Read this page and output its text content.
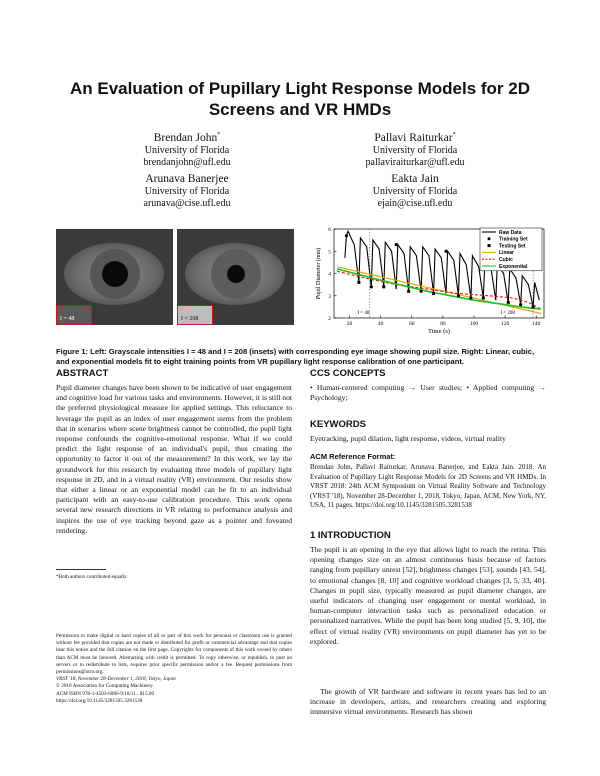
An Evaluation of Pupillary Light Response Models for 2D Screens and VR HMDs
Brendan John*
University of Florida
brendanjohn@ufl.edu
Pallavi Raiturkar*
University of Florida
pallaviraiturkar@ufl.edu
Arunava Banerjee
University of Florida
arunava@cise.ufl.edu
Eakta Jain
University of Florida
ejain@cise.ufl.edu
I = 48	I = 208
20	40	60	80	100	120	140
2
3
4
5
6
Time (s)
Pupil Diameter (mm)
I = 48	I = 208
Raw Data
Training Set
Testing Set
Linear
Cubic
Exponential
Figure 1: Left: Grayscale intensities I = 48 and I = 208 (insets) with corresponding eye image showing pupil size. Right: Linear, cubic, and exponential models fit to eight training points from VR pupillary light response calibration of one participant.
ABSTRACT
Pupil diameter changes have been shown to be indicative of user engagement and cognitive load for various tasks and environments. However, it is still not the preferred physiological measure for applied settings. This reluctance to leverage the pupil as an index of user engagement stems from the problem that in scenarios where scene brightness cannot be controlled, the pupil light response confounds the cognitive-emotional response. What if we could predict the light response of an individual's pupil, thus creating the opportunity to factor it out of the measurement? In this work, we lay the groundwork for this research by evaluating three models of pupillary light response in 2D, and in a virtual reality (VR) environment. Our results show that either a linear or an exponential model can be fit to an individual participant with an easy-to-use calibration procedure. This work opens several new research directions in VR relating to performance analysis and inspires the use of eye tracking beyond gaze as a pointer and foveated rendering.
*Both authors contributed equally.
Permission to make digital or hard copies of all or part of this work for personal or classroom use is granted without fee provided that copies are not made or distributed for profit or commercial advantage and that copies bear this notice and the full citation on the first page. Copyrights for components of this work owned by others than ACM must be honored. Abstracting with credit is permitted. To copy otherwise, or republish, to post on servers or to redistribute to lists, requires prior specific permission and/or a fee. Request permissions from permissions@acm.org.
VRST '18, November 28-December 1, 2018, Tokyo, Japan
© 2018 Association for Computing Machinery.
ACM ISBN 978-1-4503-6086-9/18/11...$15.00
https://doi.org/10.1145/3281505.3281538
CCS CONCEPTS
• Human-centered computing → User studies; • Applied computing → Psychology;
KEYWORDS
Eyetracking, pupil dilation, light response, videos, virtual reality
ACM Reference Format:
Brendan John, Pallavi Raiturkar, Arunava Banerjee, and Eakta Jain. 2018. An Evaluation of Pupillary Light Response Models for 2D Screens and VR HMDs. In VRST 2018: 24th ACM Symposium on Virtual Reality Software and Technology (VRST '18), November 28-December 1, 2018, Tokyo, Japan. ACM, New York, NY, USA, 11 pages. https://doi.org/10.1145/3281505.3281538
1 INTRODUCTION
The pupil is an opening in the eye that allows light to reach the retina. This opening changes size on an almost continuous basis because of factors ranging from pupillary unrest [52], brightness changes [53], sounds [43, 54], to emotional changes [8, 10] and cognitive workload changes [3, 5, 33, 40]. Changes in pupil size, typically measured as pupil diameter changes, are useful indicators of changing user engagement or mental workload, in human-computer interaction tasks such as personalized education or personalized narratives. While the pupil has been long studied [5, 9, 10], the effect of virtual reality (VR) environments on pupil diameter has yet to be explored.
The growth of VR hardware and software in recent years has led to an increase in developers, artists, and researchers creating and exploring immersive virtual environments. Research has shown
